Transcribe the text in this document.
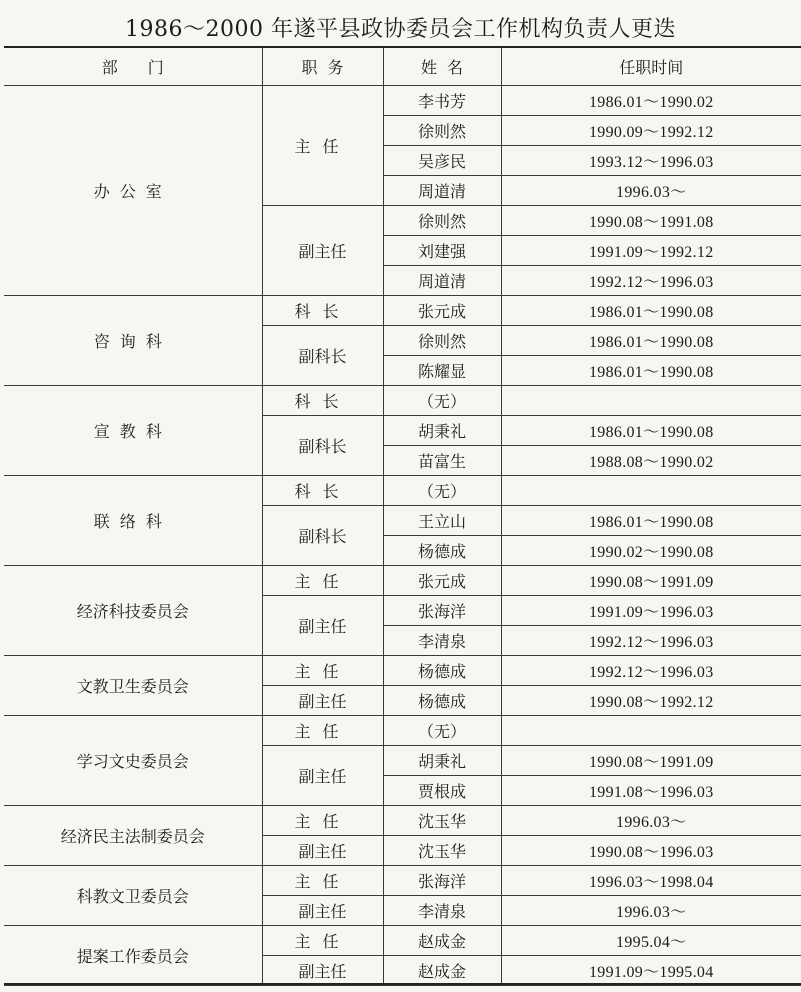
1986～2000 年遂平县政协委员会工作机构负责人更迭
部门	职务	姓名	任职时间
办公室	主任	李书芳	1986.01～1990.02
		徐则然	1990.09～1992.12
		吴彦民	1993.12～1996.03
		周道清	1996.03～
	副主任	徐则然	1990.08～1991.08
		刘建强	1991.09～1992.12
		周道清	1992.12～1996.03
咨询科	科长	张元成	1986.01～1990.08
	副科长	徐则然	1986.01～1990.08
		陈耀显	1986.01～1990.08
宣教科	科长	（无）	
	副科长	胡秉礼	1986.01～1990.08
		苗富生	1988.08～1990.02
联络科	科长	（无）	
	副科长	王立山	1986.01～1990.08
		杨德成	1990.02～1990.08
经济科技委员会	主任	张元成	1990.08～1991.09
	副主任	张海洋	1991.09～1996.03
		李清泉	1992.12～1996.03
文教卫生委员会	主任	杨德成	1992.12～1996.03
	副主任	杨德成	1990.08～1992.12
学习文史委员会	主任	（无）	
	副主任	胡秉礼	1990.08～1991.09
		贾根成	1991.08～1996.03
经济民主法制委员会	主任	沈玉华	1996.03～
	副主任	沈玉华	1990.08～1996.03
科教文卫委员会	主任	张海洋	1996.03～1998.04
	副主任	李清泉	1996.03～
提案工作委员会	主任	赵成金	1995.04～
	副主任	赵成金	1991.09～1995.04
